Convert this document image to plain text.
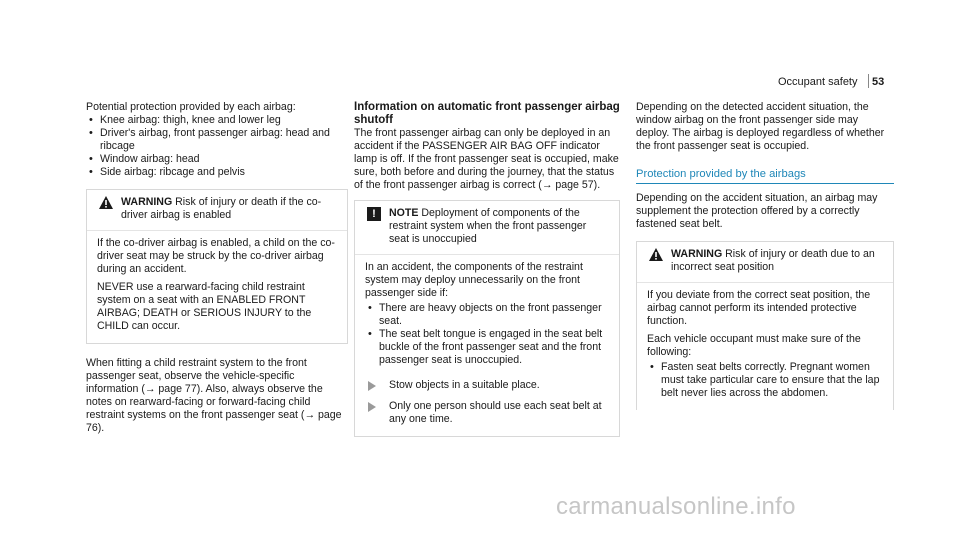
Occupant safety 53

Potential protection provided by each airbag:

• Knee airbag: thigh, knee and lower leg
• Driver's airbag, front passenger airbag: head and ribcage
• Window airbag: head
• Side airbag: ribcage and pelvis
WARNING Risk of injury or death if the co-driver airbag is enabled

If the co-driver airbag is enabled, a child on the co-driver seat may be struck by the co-driver airbag during an accident.

NEVER use a rearward-facing child restraint system on a seat with an ENABLED FRONT AIRBAG; DEATH or SERIOUS INJURY to the CHILD can occur.

When fitting a child restraint system to the front passenger seat, observe the vehicle-specific information (→ page 77). Also, always observe the notes on rearward-facing or forward-facing child restraint systems on the front passenger seat (→ page 76).

Information on automatic front passenger airbag shutoff

The front passenger airbag can only be deployed in an accident if the PASSENGER AIR BAG OFF indicator lamp is off. If the front passenger seat is occupied, make sure, both before and during the journey, that the status of the front passenger airbag is correct (→ page 57).

!	NOTE Deployment of components of the restraint system when the front passenger seat is unoccupied

In an accident, the components of the restraint system may deploy unnecessarily on the front passenger side if:

• There are heavy objects on the front passenger seat.
• The seat belt tongue is engaged in the seat belt buckle of the front passenger seat and the front passenger seat is unoccupied.
Stow objects in a suitable place.
Only one person should use each seat belt at any one time.

Depending on the detected accident situation, the window airbag on the front passenger side may deploy. The airbag is deployed regardless of whether the front passenger seat is occupied.

Protection provided by the airbags

Depending on the accident situation, an airbag may supplement the protection offered by a correctly fastened seat belt.

WARNING Risk of injury or death due to an incorrect seat position

If you deviate from the correct seat position, the airbag cannot perform its intended protective function.

Each vehicle occupant must make sure of the following:

• Fasten seat belts correctly. Pregnant women must take particular care to ensure that the lap belt never lies across the abdomen.
carmanualsonline.info
